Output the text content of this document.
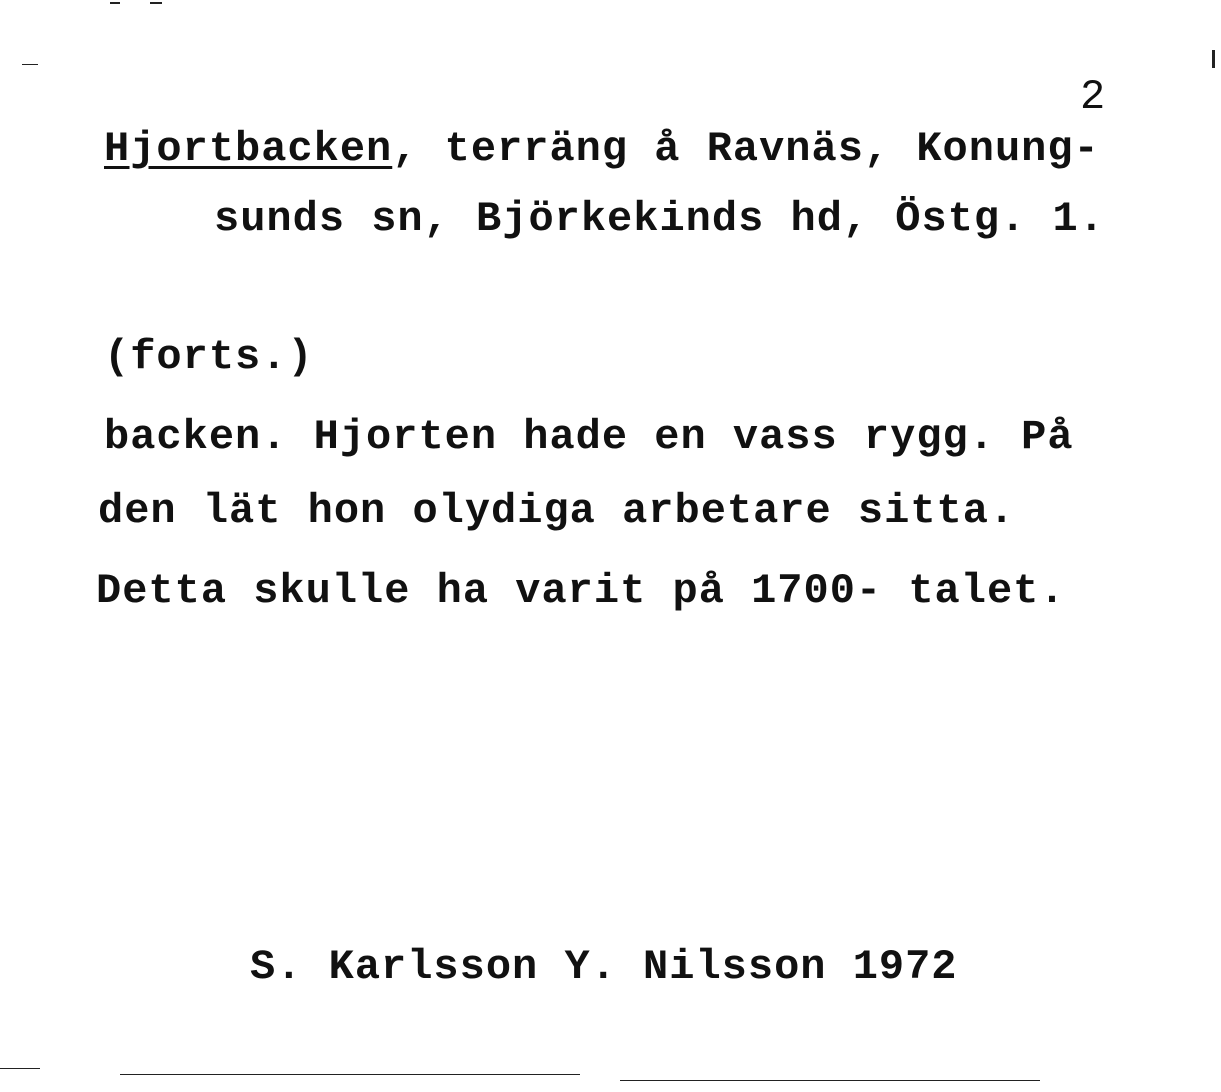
2
Hjortbacken, terräng å Ravnäs, Konung-
sunds sn, Björkekinds hd, Östg. 1.
(forts.)
backen. Hjorten hade en vass rygg. På
den lät hon olydiga arbetare sitta.
Detta skulle ha varit på 1700- talet.
S. Karlsson Y. Nilsson 1972
